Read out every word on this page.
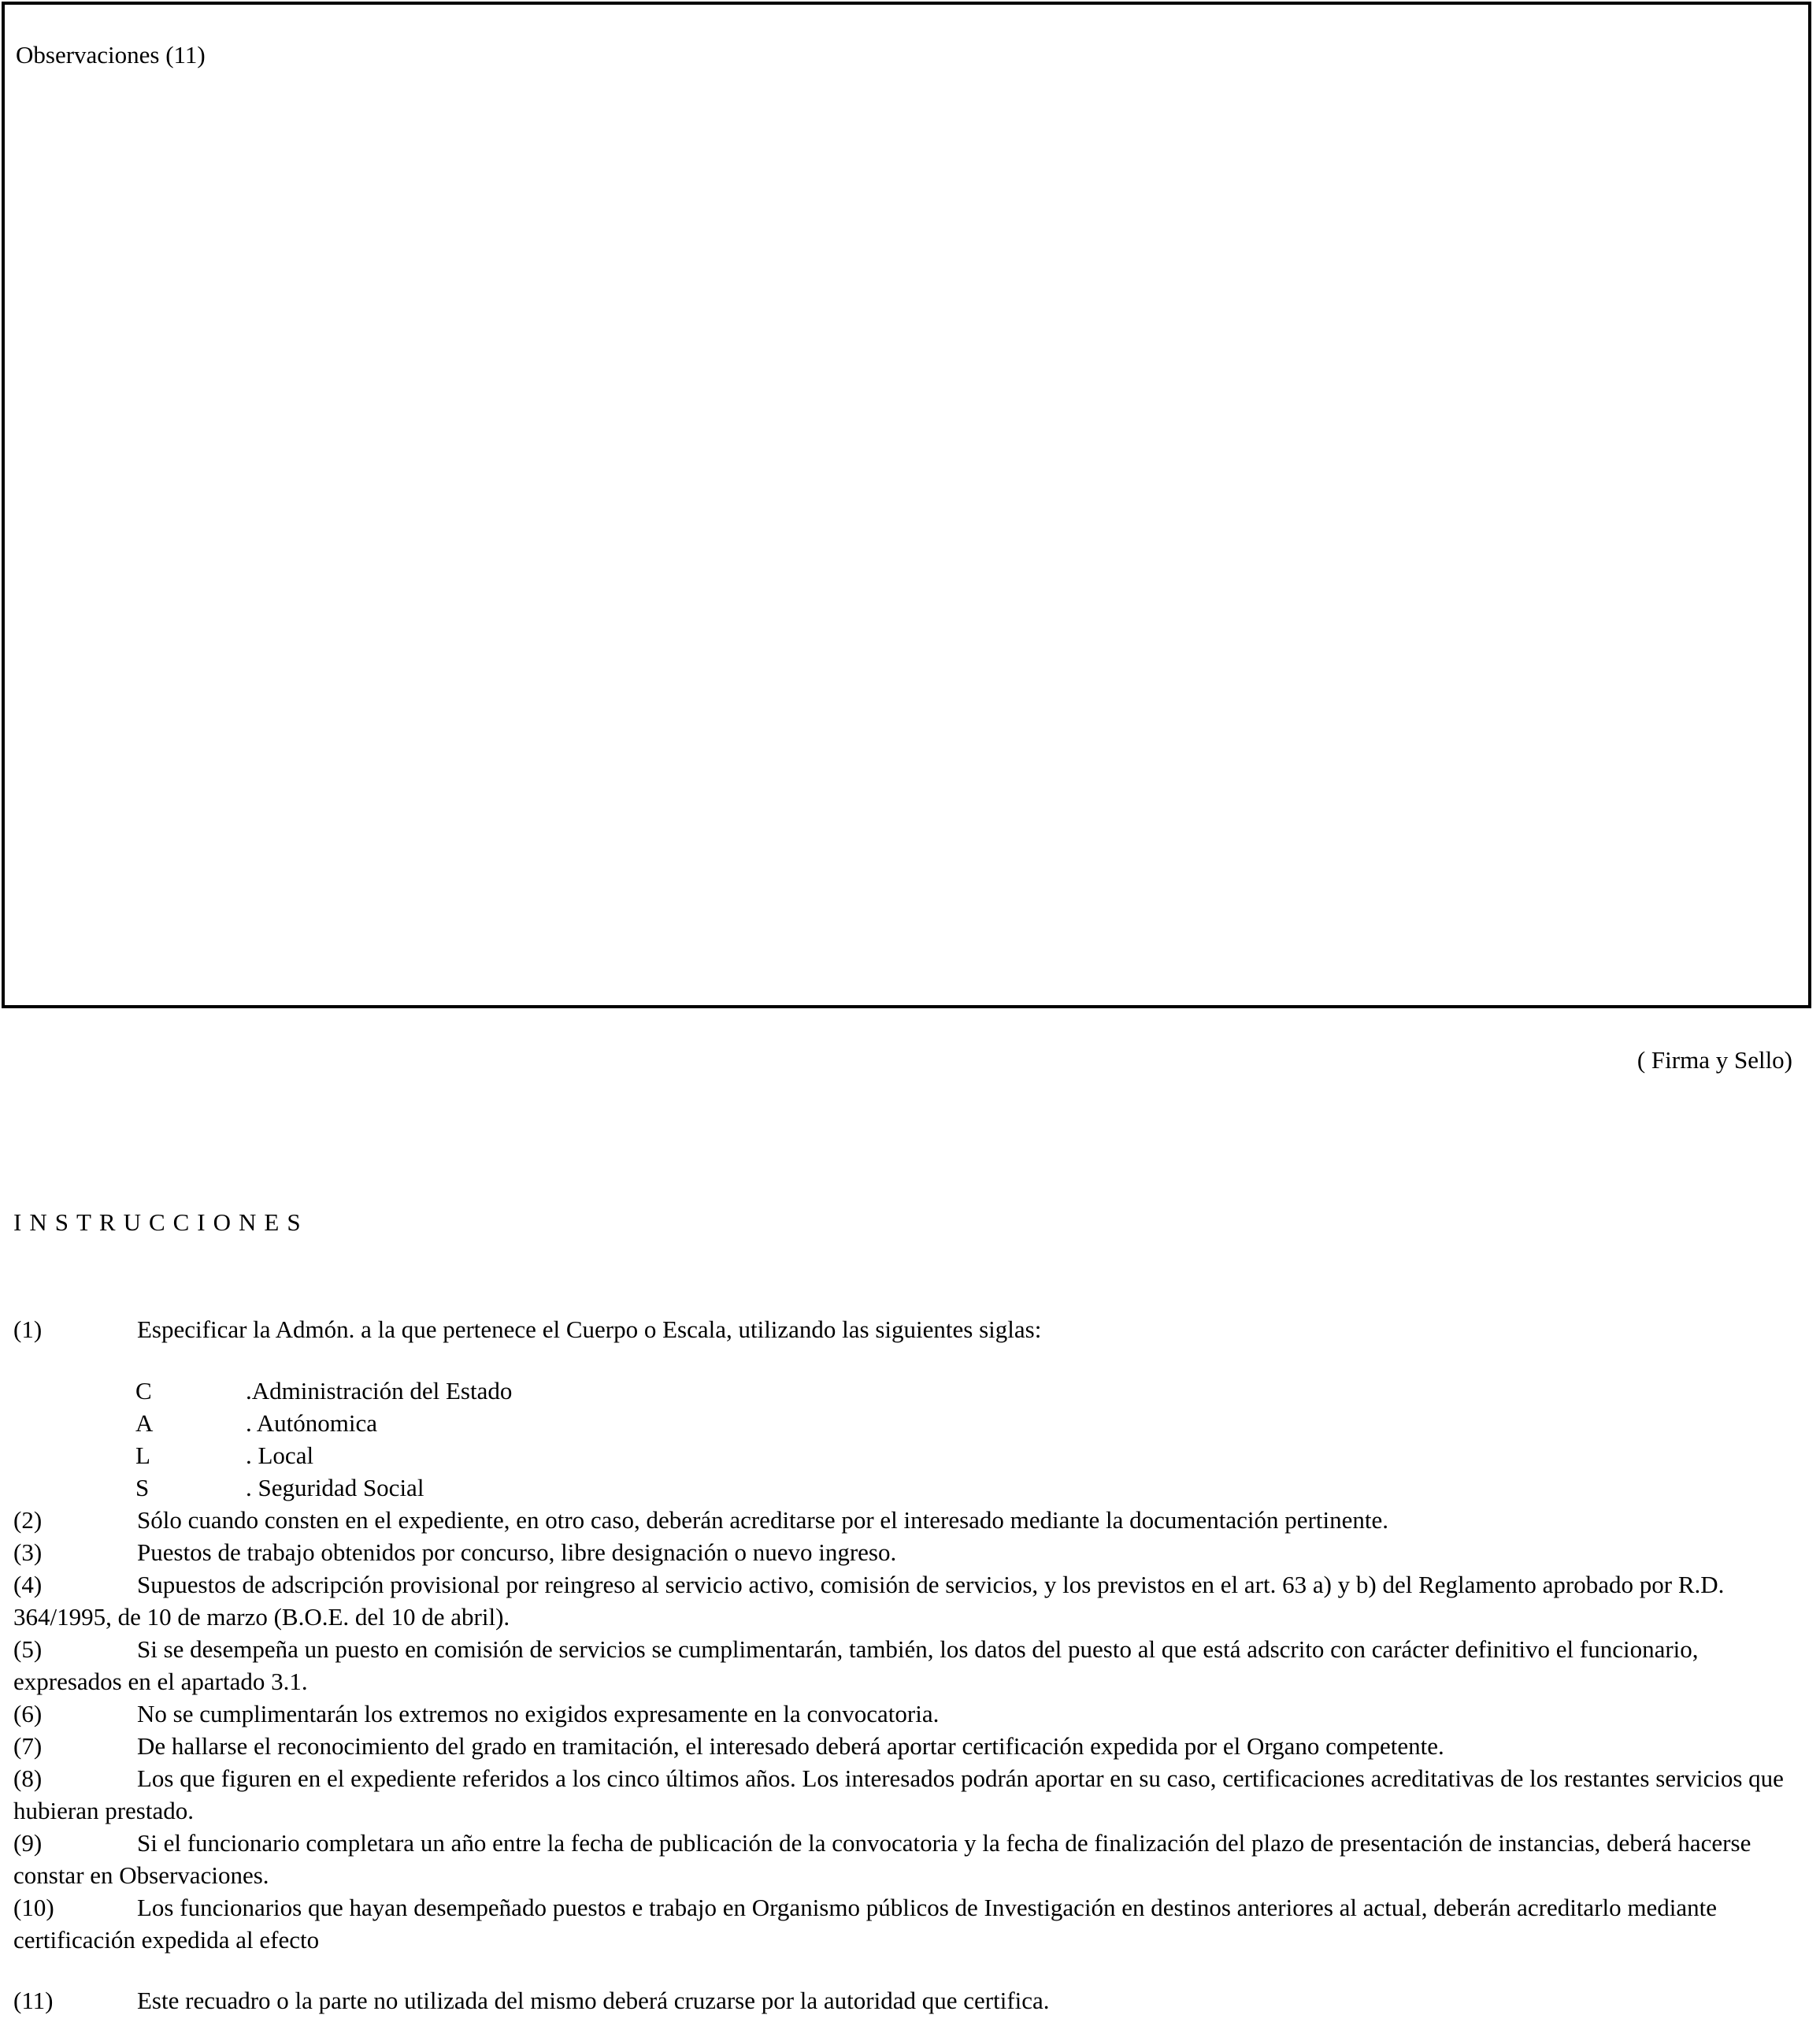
Observaciones (11)
( Firma y Sello)
INSTRUCCIONES

(1)	Especificar la Admón. a la que pertenece el Cuerpo o Escala, utilizando las siguientes siglas:

C	.Administración del Estado
A	. Autónomica
L	. Local
S	. Seguridad Social

(2)	Sólo cuando consten en el expediente, en otro caso, deberán acreditarse por el interesado mediante la documentación pertinente.

(3)	Puestos de trabajo obtenidos por concurso, libre designación o nuevo ingreso.

(4)	Supuestos de adscripción provisional por reingreso al servicio activo, comisión de servicios, y los previstos en el art. 63 a) y b) del Reglamento aprobado por R.D. 364/1995, de 10 de marzo (B.O.E. del 10 de abril).

(5)	Si se desempeña un puesto en comisión de servicios se cumplimentarán, también, los datos del puesto al que está adscrito con carácter definitivo el funcionario, expresados en el apartado 3.1.

(6)	No se cumplimentarán los extremos no exigidos expresamente en la convocatoria.

(7)	De hallarse el reconocimiento del grado en tramitación, el interesado deberá aportar certificación expedida por el Organo competente.

(8)	Los que figuren en el expediente referidos a los cinco últimos años. Los interesados podrán aportar en su caso, certificaciones acreditativas de los restantes servicios que hubieran prestado.

(9)	Si el funcionario completara un año entre la fecha de publicación de la convocatoria y la fecha de finalización del plazo de presentación de instancias, deberá hacerse constar en Observaciones.

(10)	Los funcionarios que hayan desempeñado puestos e trabajo en Organismo públicos de Investigación en destinos anteriores al actual, deberán acreditarlo mediante certificación expedida al efecto

(11)	Este recuadro o la parte no utilizada del mismo deberá cruzarse por la autoridad que certifica.
